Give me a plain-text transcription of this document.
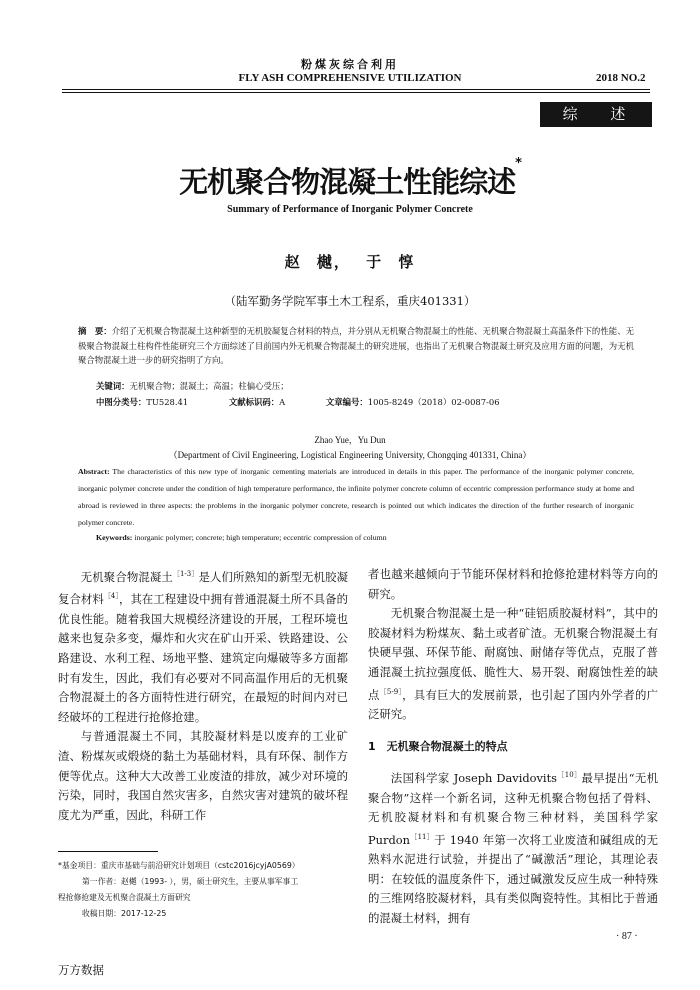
粉煤灰综合利用
FLY ASH COMPREHENSIVE UTILIZATION	2018 NO.2
综 述
无机聚合物混凝土性能综述*
Summary of Performance of Inorganic Polymer Concrete
赵 樾， 于 惇
（陆军勤务学院军事土木工程系，重庆401331）
摘　要：介绍了无机聚合物混凝土这种新型的无机胶凝复合材料的特点，并分别从无机聚合物混凝土的性能、无机聚合物混凝土高温条件下的性能、无极聚合物混凝土柱构件性能研究三个方面综述了目前国内外无机聚合物混凝土的研究进展，也指出了无机聚合物混凝土研究及应用方面的问题，为无机聚合物混凝土进一步的研究指明了方向。
关键词：无机聚合物；混凝土；高温；柱偏心受压；
中图分类号：TU528.41	文献标识码：A	文章编号：1005-8249（2018）02-0087-06
Zhao Yue，Yu Dun
（Department of Civil Engineering, Logistical Engineering University, Chongqing 401331, China）
Abstract: The characteristics of this new type of inorganic cementing materials are introduced in details in this paper. The performance of the inorganic polymer concrete, inorganic polymer concrete under the condition of high temperature performance, the infinite polymer concrete column of eccentric compression performance study at home and abroad is reviewed in three aspects: the problems in the inorganic polymer concrete, research is pointed out which indicates the direction of the further research of inorganic polymer concrete.
Keywords: inorganic polymer; concrete; high temperature; eccentric compression of column

无机聚合物混凝土$^{[1-3]}$是人们所熟知的新型无机胶凝复合材料$^{[4]}$，其在工程建设中拥有普通混凝土所不具备的优良性能。随着我国大规模经济建设的开展，工程环境也越来也复杂多变，爆炸和火灾在矿山开采、铁路建设、公路建设、水利工程、场地平整、建筑定向爆破等多方面都时有发生，因此，我们有必要对不同高温作用后的无机聚合物混凝土的各方面特性进行研究，在最短的时间内对已经破坏的工程进行抢修抢建。

与普通混凝土不同，其胶凝材料是以废弃的工业矿渣、粉煤灰或煅烧的黏土为基础材料，具有环保、制作方便等优点。这种大大改善工业废渣的排放，减少对环境的污染，同时，我国自然灾害多，自然灾害对建筑的破坏程度尤为严重，因此，科研工作

者也越来越倾向于节能环保材料和抢修抢建材料等方向的研究。

无机聚合物混凝土是一种“硅铝质胶凝材料”，其中的胶凝材料为粉煤灰、黏土或者矿渣。无机聚合物混凝土有快硬早强、环保节能、耐腐蚀、耐储存等优点，克服了普通混凝土抗拉强度低、脆性大、易开裂、耐腐蚀性差的缺点$^{[5-9]}$，具有巨大的发展前景，也引起了国内外学者的广泛研究。

1　无机聚合物混凝土的特点

法国科学家 Joseph Davidovits$^{[10]}$最早提出“无机聚合物”这样一个新名词，这种无机聚合物包括了骨料、无机胶凝材料和有机聚合物三种材料，美国科学家 Purdon$^{[11]}$于 1940 年第一次将工业废渣和碱组成的无熟料水泥进行试验，并提出了“碱激活”理论，其理论表明：在较低的温度条件下，通过碱激发反应生成一种特殊的三维网络胶凝材料，具有类似陶瓷特性。其相比于普通的混凝土材料，拥有

*基金项目：重庆市基础与前沿研究计划项目（cstc2016jcyjA0569）
第一作者：赵樾（1993- ），男，硕士研究生，主要从事军事工
程抢修抢建及无机聚合混凝土方面研究
收稿日期：2017-12-25
· 87 ·
万方数据
